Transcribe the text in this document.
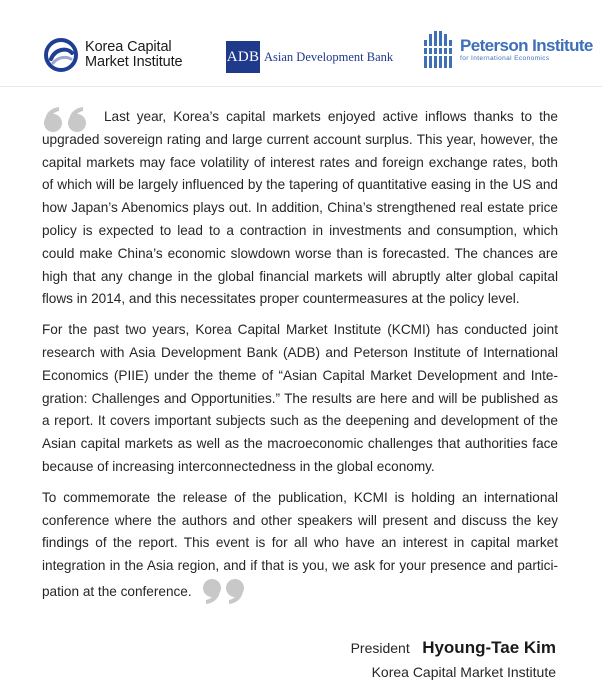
Korea Capital
Market Institute	ADB Asian Development Bank
Peterson Institute
for International Economics

Last year, Korea’s capital markets enjoyed active inflows thanks to the upgraded sovereign rating and large current account surplus. This year, however, the capital markets may face volatility of interest rates and foreign exchange rates, both of which will be largely influenced by the tapering of quantitative easing in the US and how Japan’s Abenomics plays out. In addition, China’s strengthened real estate price policy is expected to lead to a contraction in investments and consumption, which could make China’s economic slowdown worse than is forecasted. The chances are high that any change in the global financial markets will abruptly alter global capital flows in 2014, and this necessitates proper countermeasures at the policy level.

For the past two years, Korea Capital Market Institute (KCMI) has conducted joint research with Asia Development Bank (ADB) and Peterson Institute of International Economics (PIIE) under the theme of “Asian Capital Market Development and Integration: Challenges and Opportunities.” The results are here and will be published as a report. It covers important subjects such as the deepening and development of the Asian capital markets as well as the macroeconomic challenges that authorities face because of increasing interconnectedness in the global economy.

To commemorate the release of the publication, KCMI is holding an international conference where the authors and other speakers will present and discuss the key findings of the report. This event is for all who have an interest in capital market integration in the Asia region, and if that is you, we ask for your presence and participation at the conference.

President Hyoung-Tae Kim
Korea Capital Market Institute
